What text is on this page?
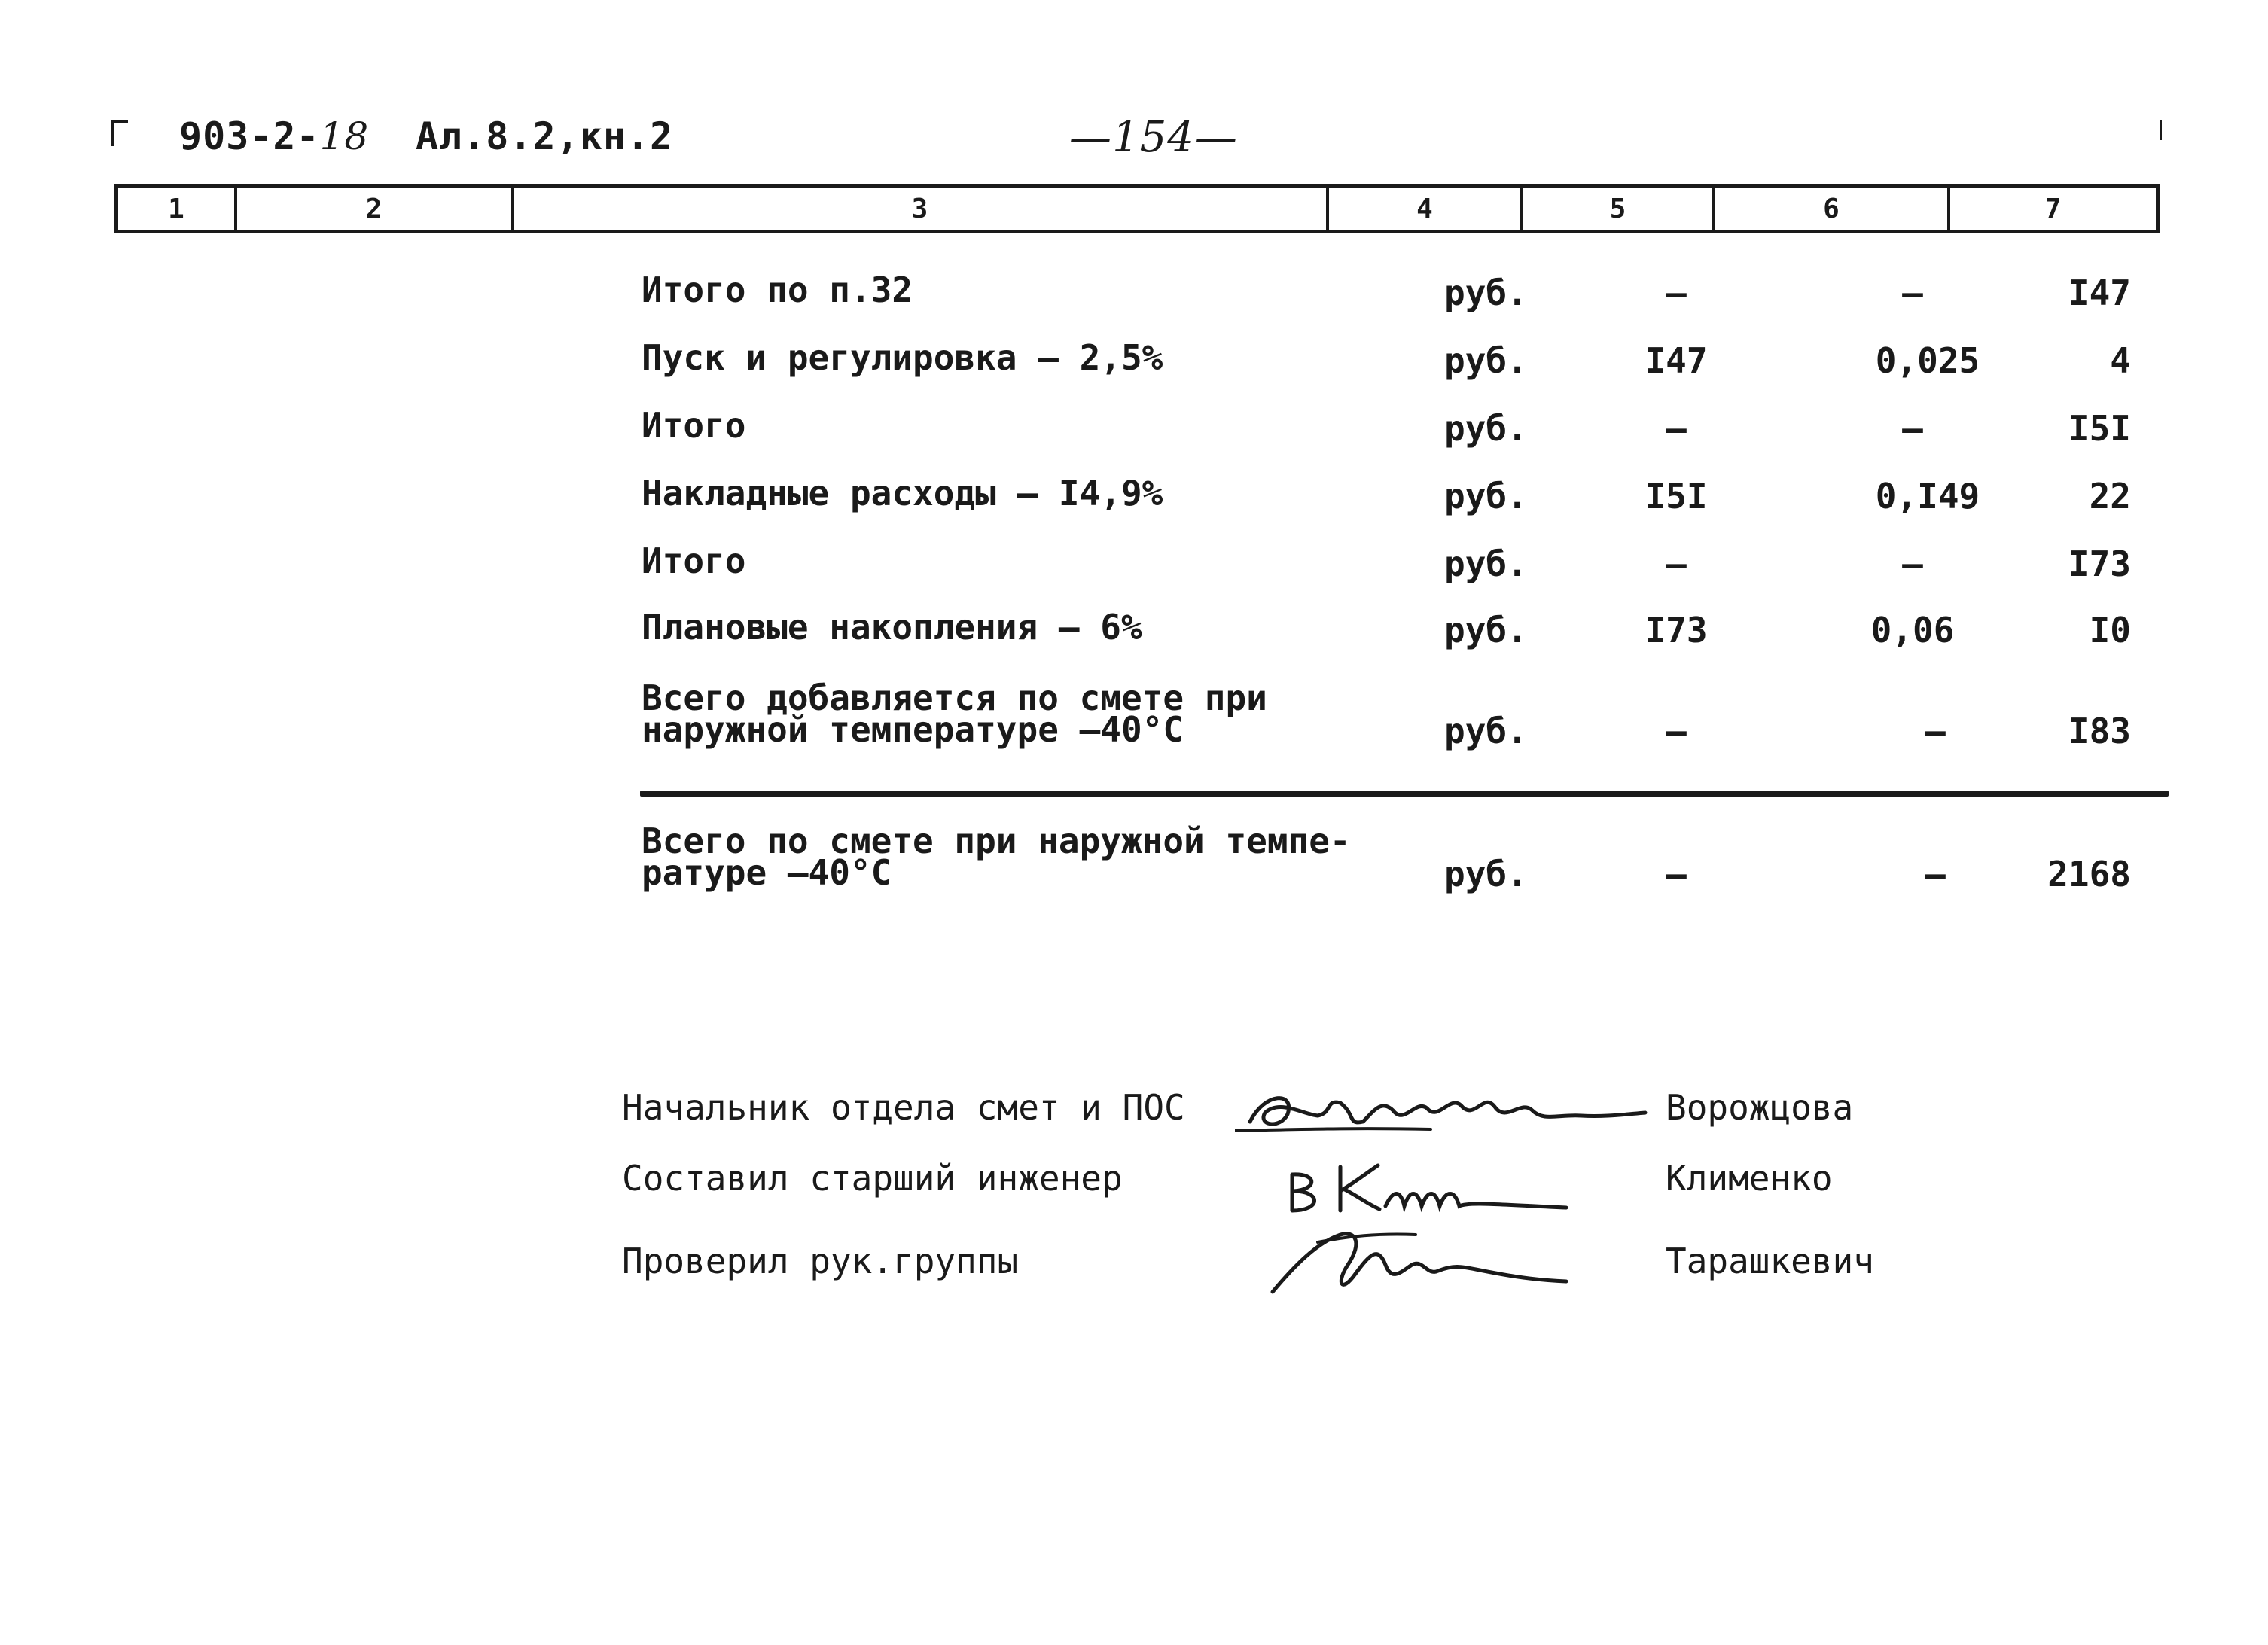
903-2-18 Ал.8.2,кн.2	—154—
1	2	3	4	5	6	7
Итого по п.32	руб.	–	–	I47
Пуск и регулировка – 2,5%	руб.	I47	0,025	4
Итого	руб.	–	–	I5I
Накладные расходы – I4,9%	руб.	I5I	0,I49	22
Итого	руб.	–	–	I73
Плановые накопления – 6%	руб.	I73	0,06	I0
Всего добавляется по смете при
наружной температуре –40°С	руб.	–	–	I83
Всего по смете при наружной темпе-
ратуре –40°С	руб.	–	–	2168
Начальник отдела смет и ПОС	Ворожцова
Составил старший инженер	Клименко
Проверил рук.группы	Тарашкевич
